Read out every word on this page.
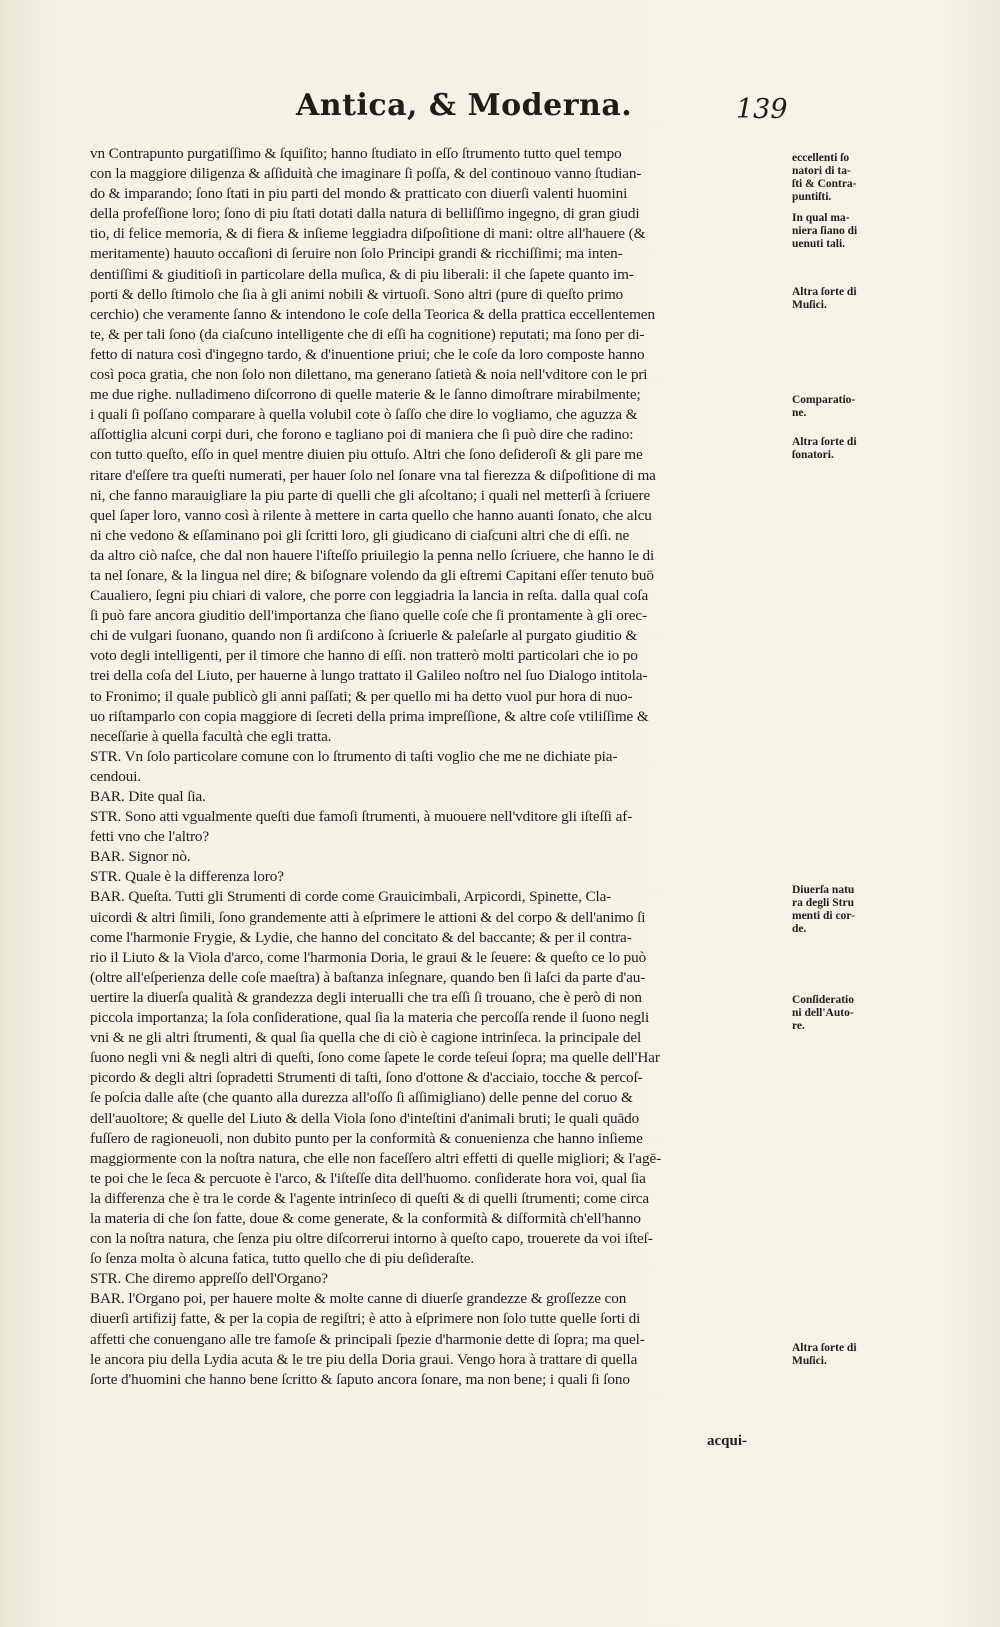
Antica, & Moderna.	139
vn Contrapunto purgatiſſimo & ſquiſito; hanno ſtudiato in eſſo ſtrumento tutto quel tempo
con la maggiore diligenza & aſſiduità che imaginare ſi poſſa, & del continouo vanno ſtudian-
do & imparando; ſono ſtati in piu parti del mondo & pratticato con diuerſi valenti huomini
della profeſſione loro; ſono di piu ſtati dotati dalla natura di belliſſimo ingegno, di gran giudi
tio, di felice memoria, & di fiera & inſieme leggiadra diſpoſitione di mani: oltre all'hauere (&
meritamente) hauuto occaſioni di ſeruire non ſolo Principi grandi & ricchiſſimi; ma inten-
dentiſſimi & giuditioſi in particolare della muſica, & di piu liberali: il che ſapete quanto im-
porti & dello ſtimolo che ſia à gli animi nobili & virtuoſi. Sono altri (pure di queſto primo
cerchio) che veramente ſanno & intendono le coſe della Teorica & della prattica eccellentemen
te, & per tali ſono (da ciaſcuno intelligente che di eſſi ha cognitione) reputati; ma ſono per di-
fetto di natura così d'ingegno tardo, & d'inuentione priui; che le coſe da loro composte hanno
così poca gratia, che non ſolo non dilettano, ma generano ſatietà & noia nell'vditore con le pri
me due righe. nulladimeno diſcorrono di quelle materie & le ſanno dimoſtrare mirabilmente;
i quali ſi poſſano comparare à quella volubil cote ò ſaſſo che dire lo vogliamo, che aguzza &
aſſottiglia alcuni corpi duri, che forono e tagliano poi di maniera che ſi può dire che radino:
con tutto queſto, eſſo in quel mentre diuien piu ottuſo. Altri che ſono deſideroſi & gli pare me
ritare d'eſſere tra queſti numerati, per hauer ſolo nel ſonare vna tal fierezza & diſpoſitione di ma
ni, che fanno marauigliare la piu parte di quelli che gli aſcoltano; i quali nel metterſi à ſcriuere
quel ſaper loro, vanno così à rilente à mettere in carta quello che hanno auanti ſonato, che alcu
ni che vedono & eſſaminano poi gli ſcritti loro, gli giudicano di ciaſcuni altri che di eſſi. ne
da altro ciò naſce, che dal non hauere l'iſteſſo priuilegio la penna nello ſcriuere, che hanno le di
ta nel ſonare, & la lingua nel dire; & biſognare volendo da gli eſtremi Capitani eſſer tenuto buō
Caualiero, ſegni piu chiari di valore, che porre con leggiadria la lancia in reſta. dalla qual coſa
ſi può fare ancora giuditio dell'importanza che ſiano quelle coſe che ſi prontamente à gli orec-
chi de vulgari ſuonano, quando non ſi ardiſcono à ſcriuerle & paleſarle al purgato giuditio &
voto degli intelligenti, per il timore che hanno di eſſi. non tratterò molti particolari che io po
trei della coſa del Liuto, per hauerne à lungo trattato il Galileo noſtro nel ſuo Dialogo intitola-
to Fronimo; il quale publicò gli anni paſſati; & per quello mi ha detto vuol pur hora di nuo-
uo riſtamparlo con copia maggiore di ſecreti della prima impreſſione, & altre coſe vtiliſſime &
neceſſarie à quella facultà che egli tratta.
STR. Vn ſolo particolare comune con lo ſtrumento di taſti voglio che me ne dichiate pia-
cendoui.
BAR. Dite qual ſia.
STR. Sono atti vgualmente queſti due famoſi ſtrumenti, à muouere nell'vditore gli iſteſſi af-
fetti vno che l'altro?
BAR. Signor nò.
STR. Quale è la differenza loro?
BAR. Queſta. Tutti gli Strumenti di corde come Grauicimbali, Arpicordi, Spinette, Cla-
uicordi & altri ſimili, ſono grandemente atti à eſprimere le attioni & del corpo & dell'animo ſi
come l'harmonie Frygie, & Lydie, che hanno del concitato & del baccante; & per il contra-
rio il Liuto & la Viola d'arco, come l'harmonia Doria, le graui & le ſeuere: & queſto ce lo può
(oltre all'eſperienza delle coſe maeſtra) à baſtanza inſegnare, quando ben ſi laſci da parte d'au-
uertire la diuerſa qualità & grandezza degli interualli che tra eſſi ſi trouano, che è però di non
piccola importanza; la ſola conſideratione, qual ſia la materia che percoſſa rende il ſuono negli
vni & ne gli altri ſtrumenti, & qual ſia quella che di ciò è cagione intrinſeca. la principale del
ſuono negli vni & negli altri di queſti, ſono come ſapete le corde teſeui ſopra; ma quelle dell'Har
picordo & degli altri ſopradetti Strumenti di taſti, ſono d'ottone & d'acciaio, tocche & percoſ-
ſe poſcia dalle aſte (che quanto alla durezza all'oſſo ſi aſſimigliano) delle penne del coruo &
dell'auoltore; & quelle del Liuto & della Viola ſono d'inteſtini d'animali bruti; le quali quādo
fuſſero de ragioneuoli, non dubito punto per la conformità & conuenienza che hanno inſieme
maggiormente con la noſtra natura, che elle non faceſſero altri effetti di quelle migliori; & l'agē-
te poi che le ſeca & percuote è l'arco, & l'iſteſſe dita dell'huomo. conſiderate hora voi, qual ſia
la differenza che è tra le corde & l'agente intrinſeco di queſti & di quelli ſtrumenti; come circa
la materia di che ſon fatte, doue & come generate, & la conformità & diſformità ch'ell'hanno
con la noſtra natura, che ſenza piu oltre diſcorrerui intorno à queſto capo, trouerete da voi iſteſ-
ſo ſenza molta ò alcuna fatica, tutto quello che di piu deſideraſte.
STR. Che diremo appreſſo dell'Organo?
BAR. l'Organo poi, per hauere molte & molte canne di diuerſe grandezze & groſſezze con
diuerſi artifizij fatte, & per la copia de regiſtri; è atto à eſprimere non ſolo tutte quelle ſorti di
affetti che conuengano alle tre famoſe & principali ſpezie d'harmonie dette di ſopra; ma quel-
le ancora piu della Lydia acuta & le tre piu della Doria graui. Vengo hora à trattare di quella
ſorte d'huomini che hanno bene ſcritto & ſaputo ancora ſonare, ma non bene; i quali ſi ſono
eccellenti ſo
natori di ta-
ſti & Contra-
puntiſti.
In qual ma-
niera ſiano di
uenuti tali.
Altra ſorte di
Muſici.
Comparatio-
ne.
Altra ſorte di
ſonatori.
Diuerſa natu
ra degli Stru
menti di cor-
de.
Conſideratio
ni dell'Auto-
re.
Altra ſorte di
Muſici.
acqui-
